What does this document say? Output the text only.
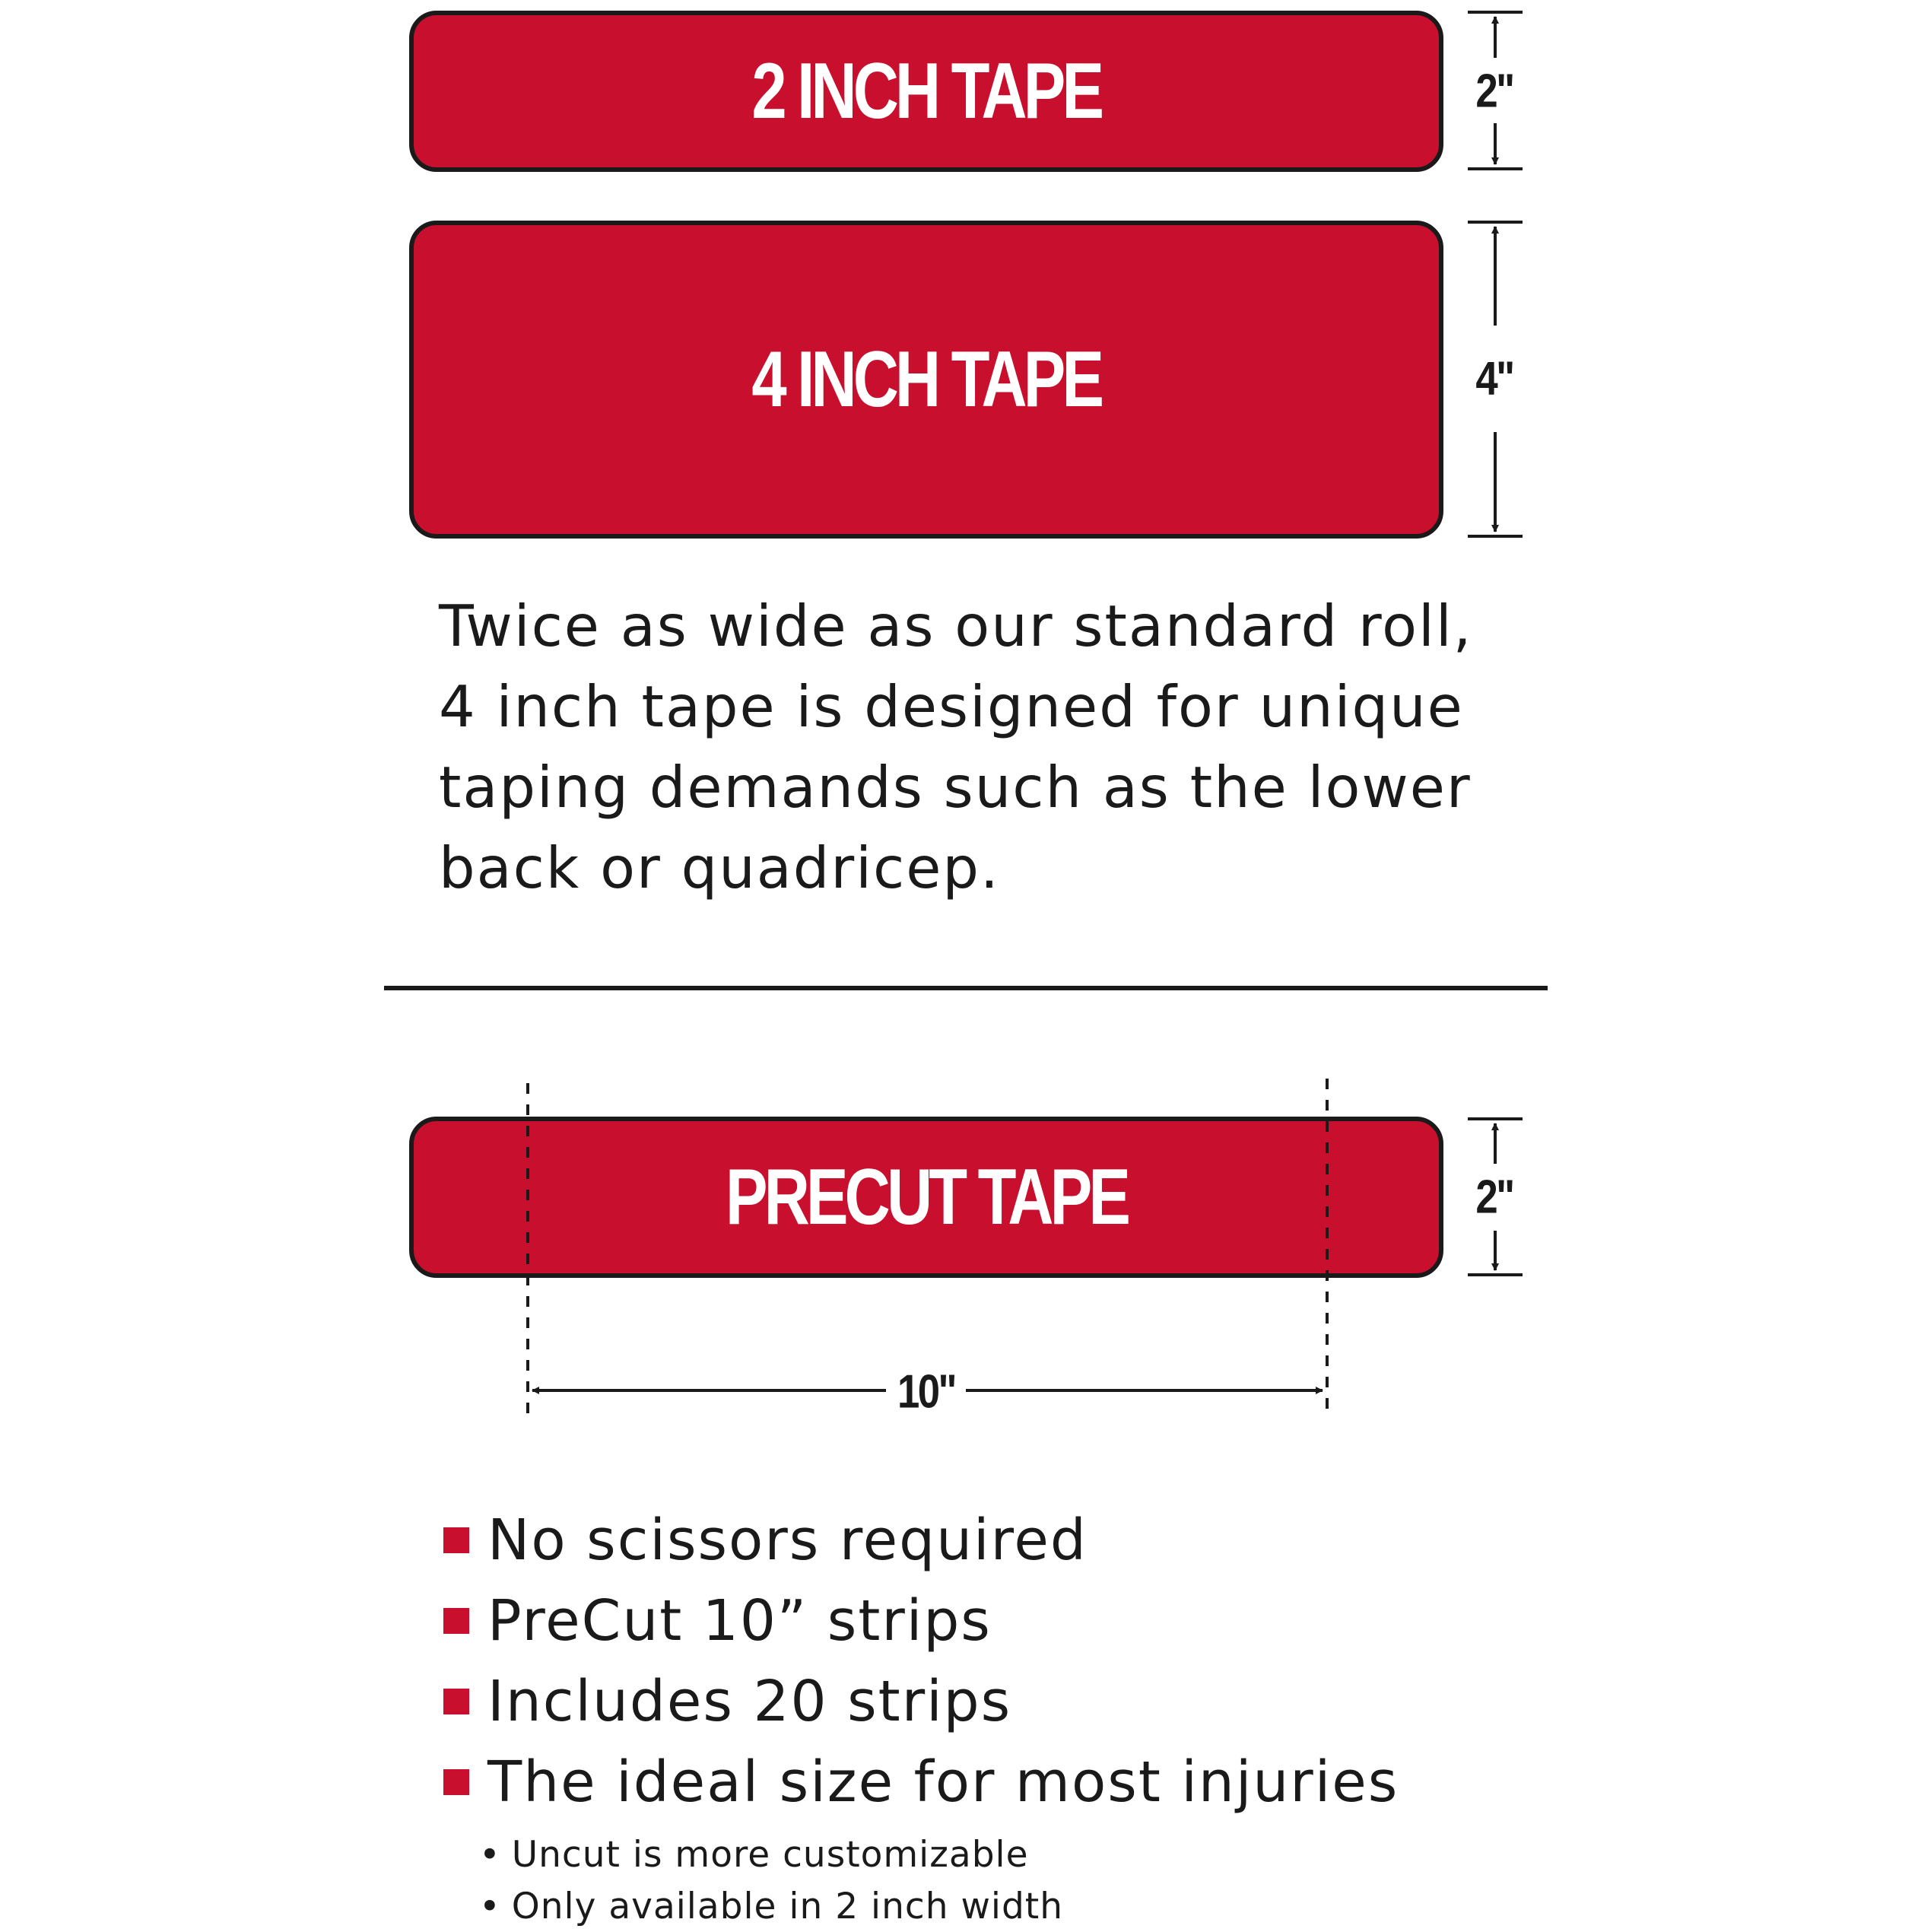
2 INCH TAPE
4 INCH TAPE
PRECUT TAPE
2"
4"
2"
10"

Twice as wide as our standard roll, 4 inch tape is designed for unique taping demands such as the lower back or quadricep.

No scissors required
PreCut 10” strips
Includes 20 strips
The ideal size for most injuries
• Uncut is more customizable
• Only available in 2 inch width
